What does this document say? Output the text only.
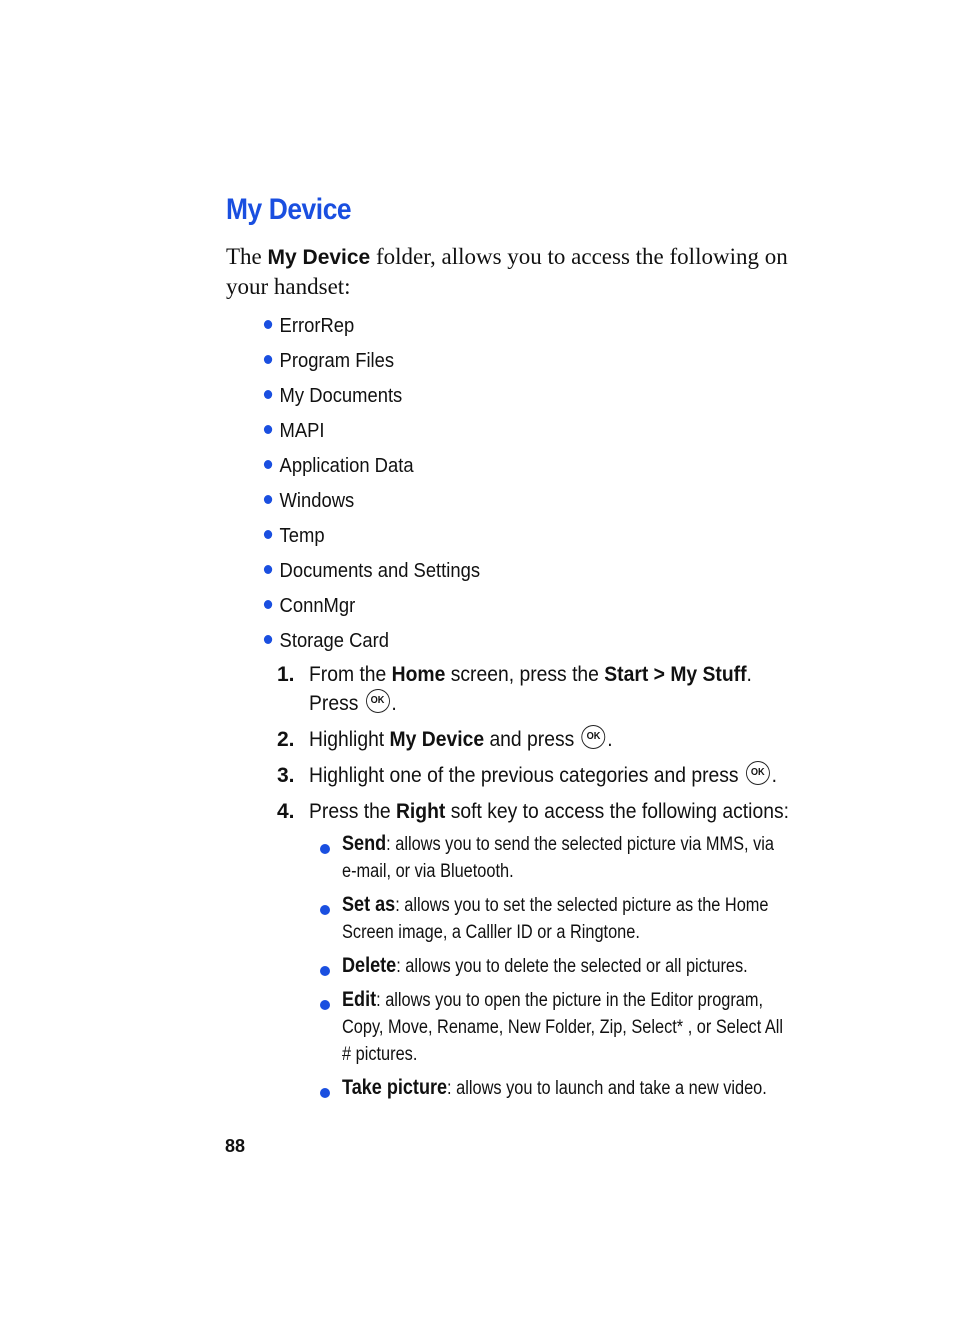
My Device
The My Device folder, allows you to access the following on your handset:
ErrorRep
Program Files
My Documents
MAPI
Application Data
Windows
Temp
Documents and Settings
ConnMgr
Storage Card
1. From the Home screen, press the Start > My Stuff. Press OK .
2. Highlight My Device and press OK .
3. Highlight one of the previous categories and press OK .
4. Press the Right soft key to access the following actions:
Send: allows you to send the selected picture via MMS, via e-mail, or via Bluetooth.
Set as: allows you to set the selected picture as the Home Screen image, a Calller ID or a Ringtone.
Delete: allows you to delete the selected or all pictures.
Edit: allows you to open the picture in the Editor program, Copy, Move, Rename, New Folder, Zip, Select* , or Select All # pictures.
Take picture: allows you to launch and take a new video.
88
